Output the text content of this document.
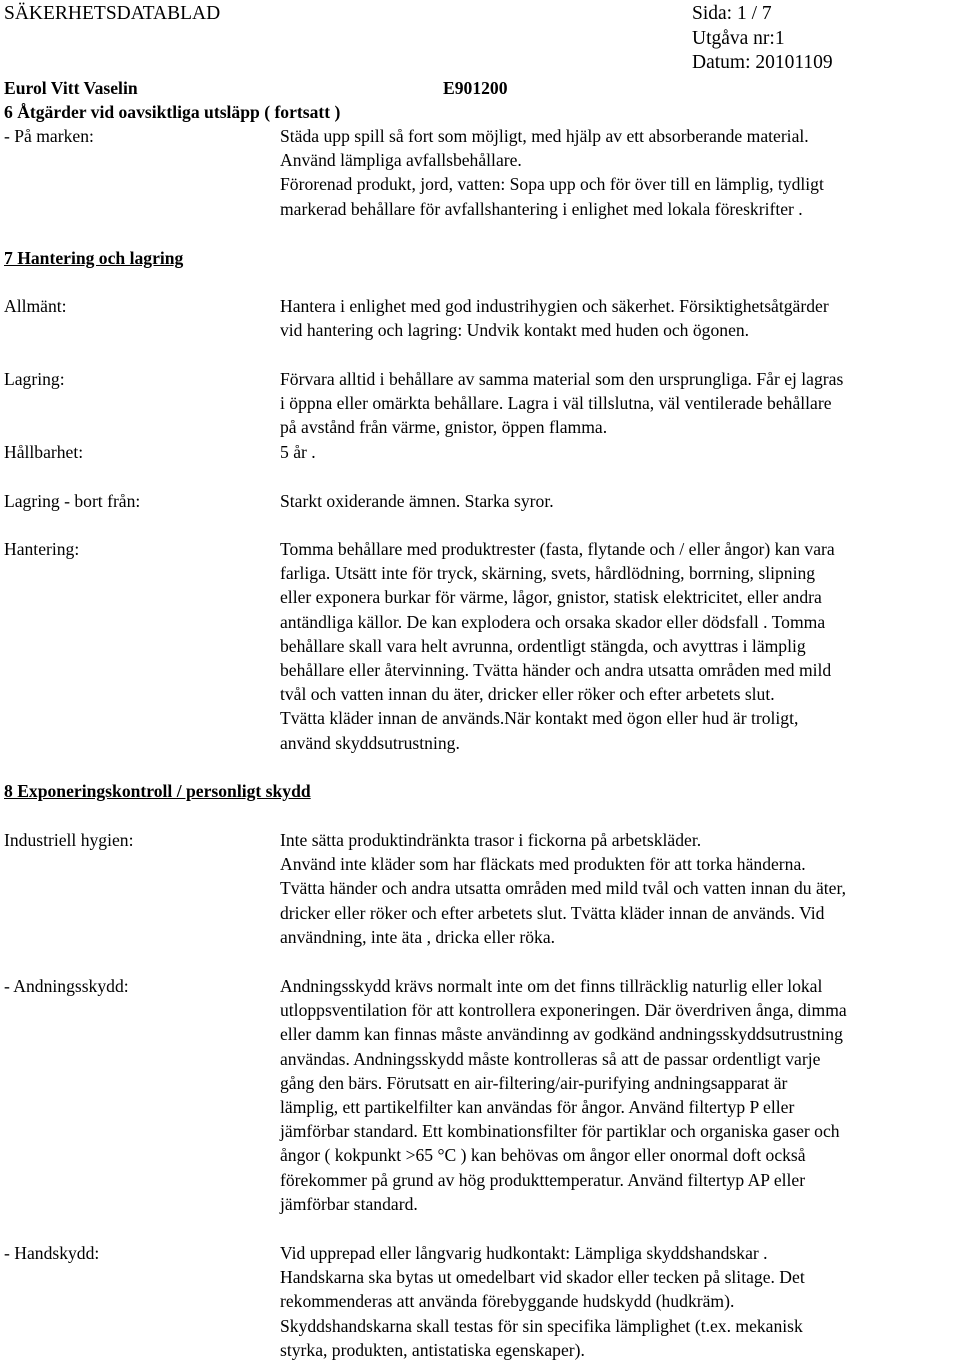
SÄKERHETSDATABLAD	Sida: 1 / 7
Utgåva nr:1
Datum: 20101109
Eurol Vitt Vaselin	E901200
6 Åtgärder vid oavsiktliga utsläpp ( fortsatt )
- På marken:	Städa upp spill så fort som möjligt, med hjälp av ett absorberande material.
Använd lämpliga avfallsbehållare.
Förorenad produkt, jord, vatten: Sopa upp och för över till en lämplig, tydligt
markerad behållare för avfallshantering i enlighet med lokala föreskrifter .
7 Hantering och lagring
Allmänt:	Hantera i enlighet med god industrihygien och säkerhet. Försiktighetsåtgärder
vid hantering och lagring: Undvik kontakt med huden och ögonen.
Lagring:	Förvara alltid i behållare av samma material som den ursprungliga. Får ej lagras
i öppna eller omärkta behållare. Lagra i väl tillslutna, väl ventilerade behållare
på avstånd från värme, gnistor, öppen flamma.
Hållbarhet:	5 år .
Lagring - bort från:	Starkt oxiderande ämnen. Starka syror.
Hantering:	Tomma behållare med produktrester (fasta, flytande och / eller ångor) kan vara
farliga. Utsätt inte för tryck, skärning, svets, hårdlödning, borrning, slipning
eller exponera burkar för värme, lågor, gnistor, statisk elektricitet, eller andra
antändliga källor. De kan explodera och orsaka skador eller dödsfall . Tomma
behållare skall vara helt avrunna, ordentligt stängda, och avyttras i lämplig
behållare eller återvinning. Tvätta händer och andra utsatta områden med mild
tvål och vatten innan du äter, dricker eller röker och efter arbetets slut.
Tvätta kläder innan de används.När kontakt med ögon eller hud är troligt,
använd skyddsutrustning.
8 Exponeringskontroll / personligt skydd
Industriell hygien:	Inte sätta produktindränkta trasor i fickorna på arbetskläder.
Använd inte kläder som har fläckats med produkten för att torka händerna.
Tvätta händer och andra utsatta områden med mild tvål och vatten innan du äter,
dricker eller röker och efter arbetets slut. Tvätta kläder innan de används. Vid
användning, inte äta , dricka eller röka.
- Andningsskydd:	Andningsskydd krävs normalt inte om det finns tillräcklig naturlig eller lokal
utloppsventilation för att kontrollera exponeringen. Där överdriven ånga, dimma
eller damm kan finnas måste användinng av godkänd andningsskyddsutrustning
användas. Andningsskydd måste kontrolleras så att de passar ordentligt varje
gång den bärs. Förutsatt en air-filtering/air-purifying andningsapparat är
lämplig, ett partikelfilter kan användas för ångor. Använd filtertyp P eller
jämförbar standard. Ett kombinationsfilter för partiklar och organiska gaser och
ångor ( kokpunkt >65 °C ) kan behövas om ångor eller onormal doft också
förekommer på grund av hög produkttemperatur. Använd filtertyp AP eller
jämförbar standard.
- Handskydd:	Vid upprepad eller långvarig hudkontakt: Lämpliga skyddshandskar .
Handskarna ska bytas ut omedelbart vid skador eller tecken på slitage. Det
rekommenderas att använda förebyggande hudskydd (hudkräm).
Skyddshandskarna skall testas för sin specifika lämplighet (t.ex. mekanisk
styrka, produkten, antistatiska egenskaper).
